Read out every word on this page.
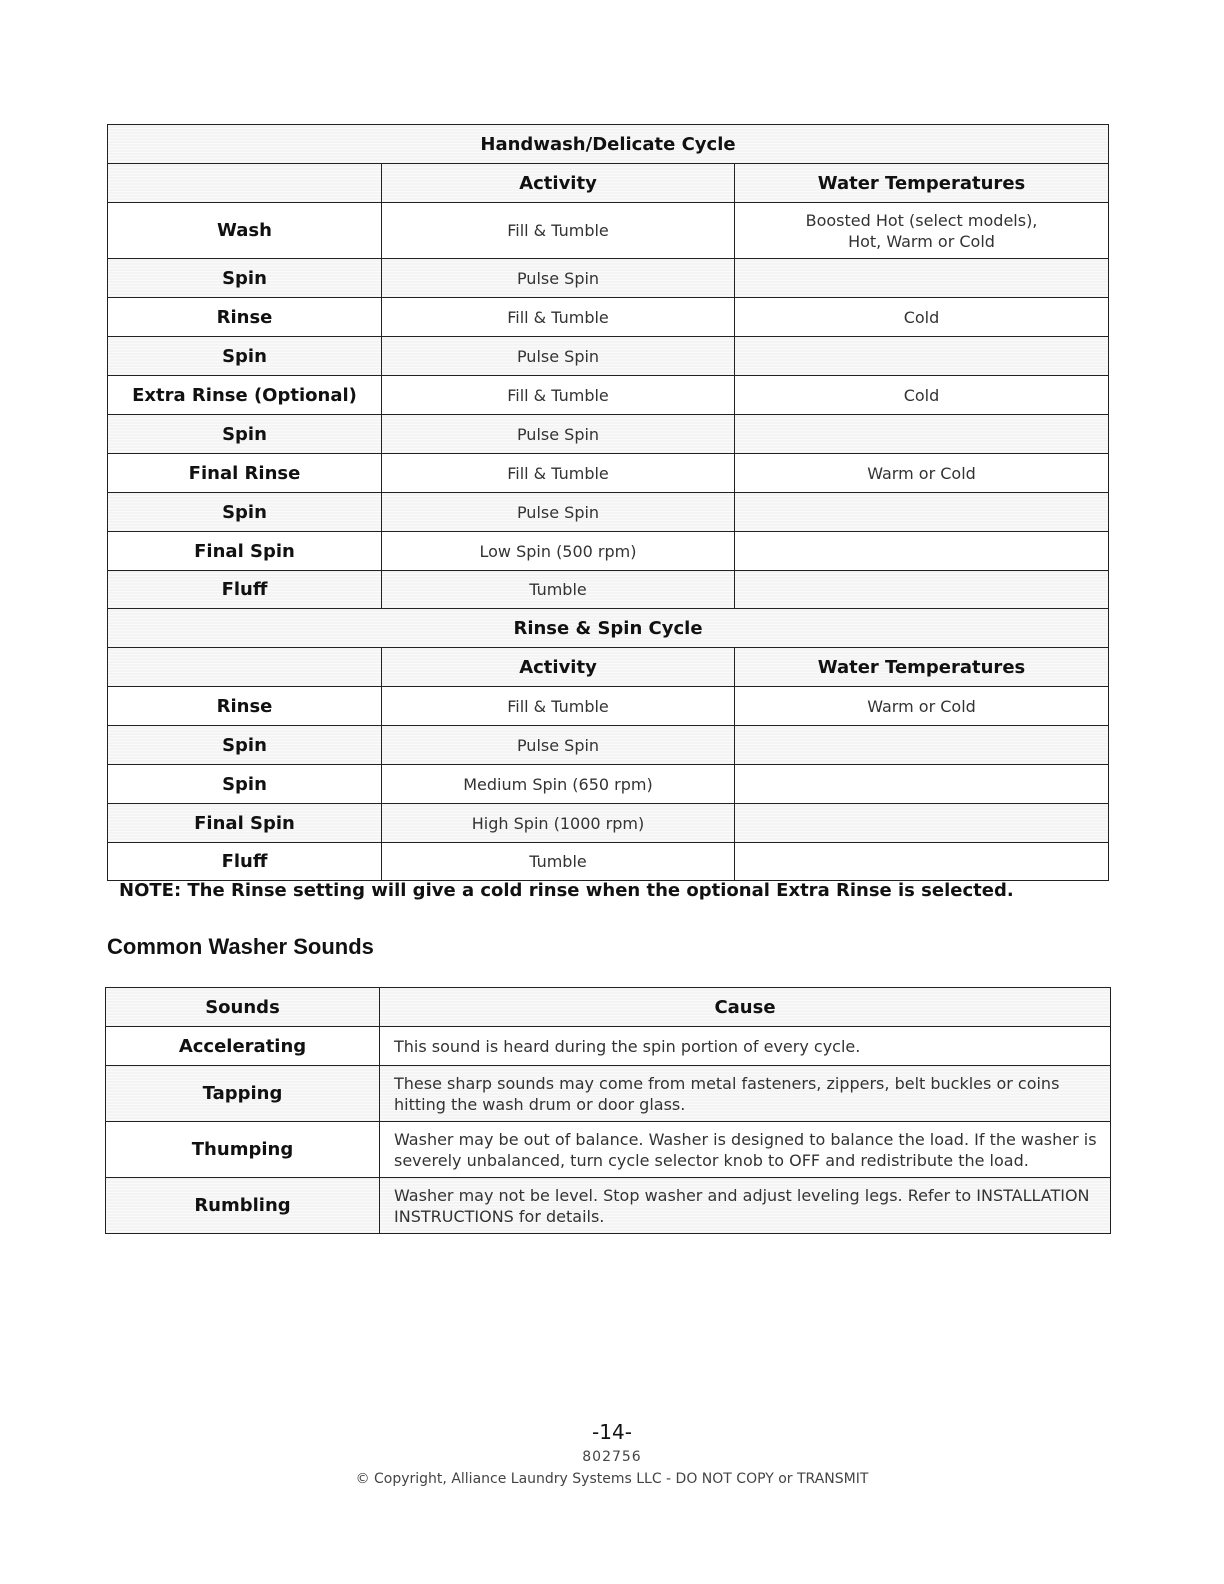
Handwash/Delicate Cycle		
	Activity	Water Temperatures
Wash	Fill & Tumble	Boosted Hot (select models),
Hot, Warm or Cold
Spin	Pulse Spin	
Rinse	Fill & Tumble	Cold
Spin	Pulse Spin	
Extra Rinse (Optional)	Fill & Tumble	Cold
Spin	Pulse Spin	
Final Rinse	Fill & Tumble	Warm or Cold
Spin	Pulse Spin	
Final Spin	Low Spin (500 rpm)	
Fluff	Tumble	
Rinse & Spin Cycle		
	Activity	Water Temperatures
Rinse	Fill & Tumble	Warm or Cold
Spin	Pulse Spin	
Spin	Medium Spin (650 rpm)	
Final Spin	High Spin (1000 rpm)	
Fluff	Tumble	
NOTE: The Rinse setting will give a cold rinse when the optional Extra Rinse is selected.
Common Washer Sounds
Sounds	Cause
Accelerating	This sound is heard during the spin portion of every cycle.
Tapping	These sharp sounds may come from metal fasteners, zippers, belt buckles or coins hitting the wash drum or door glass.
Thumping	Washer may be out of balance. Washer is designed to balance the load. If the washer is severely unbalanced, turn cycle selector knob to OFF and redistribute the load.
Rumbling	Washer may not be level. Stop washer and adjust leveling legs. Refer to INSTALLATION INSTRUCTIONS for details.
-14-
802756
© Copyright, Alliance Laundry Systems LLC - DO NOT COPY or TRANSMIT
